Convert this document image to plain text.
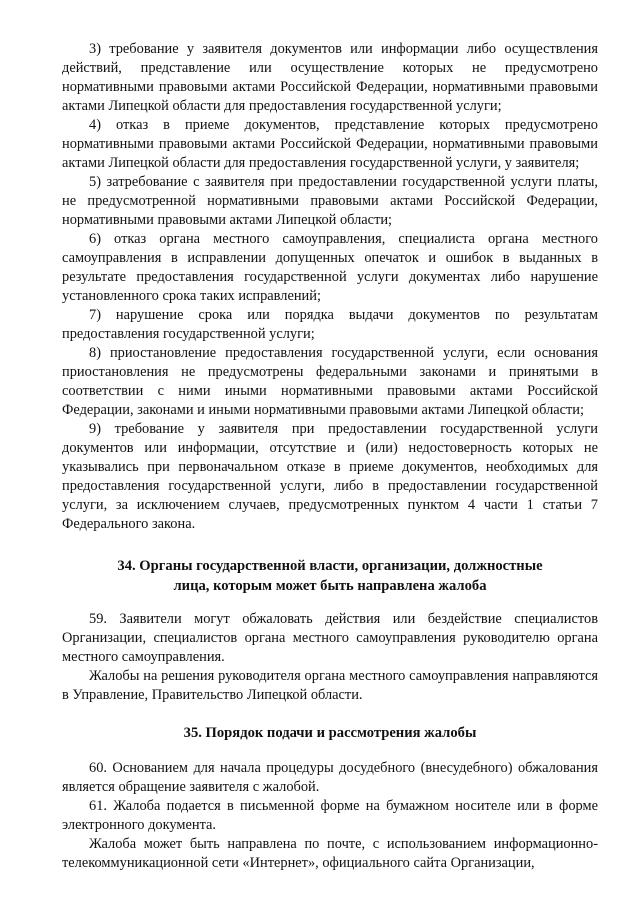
3) требование у заявителя документов или информации либо осуществления действий, представление или осуществление которых не предусмотрено нормативными правовыми актами Российской Федерации, нормативными правовыми актами Липецкой области для предоставления государственной услуги;

4) отказ в приеме документов, представление которых предусмотрено нормативными правовыми актами Российской Федерации, нормативными правовыми актами Липецкой области для предоставления государственной услуги, у заявителя;

5) затребование с заявителя при предоставлении государственной услуги платы, не предусмотренной нормативными правовыми актами Российской Федерации, нормативными правовыми актами Липецкой области;

6) отказ органа местного самоуправления, специалиста органа местного самоуправления в исправлении допущенных опечаток и ошибок в выданных в результате предоставления государственной услуги документах либо нарушение установленного срока таких исправлений;

7) нарушение срока или порядка выдачи документов по результатам предоставления государственной услуги;

8) приостановление предоставления государственной услуги, если основания приостановления не предусмотрены федеральными законами и принятыми в соответствии с ними иными нормативными правовыми актами Российской Федерации, законами и иными нормативными правовыми актами Липецкой области;

9) требование у заявителя при предоставлении государственной услуги документов или информации, отсутствие и (или) недостоверность которых не указывались при первоначальном отказе в приеме документов, необходимых для предоставления государственной услуги, либо в предоставлении государственной услуги, за исключением случаев, предусмотренных пунктом 4 части 1 статьи 7 Федерального закона.

34. Органы государственной власти, организации, должностные лица, которым может быть направлена жалоба

59. Заявители могут обжаловать действия или бездействие специалистов Организации, специалистов органа местного самоуправления руководителю органа местного самоуправления.

Жалобы на решения руководителя органа местного самоуправления направляются в Управление, Правительство Липецкой области.

35. Порядок подачи и рассмотрения жалобы

60. Основанием для начала процедуры досудебного (внесудебного) обжалования является обращение заявителя с жалобой.

61. Жалоба подается в письменной форме на бумажном носителе или в форме электронного документа.

Жалоба может быть направлена по почте, с использованием информационно-телекоммуникационной сети «Интернет», официального сайта Организации,
